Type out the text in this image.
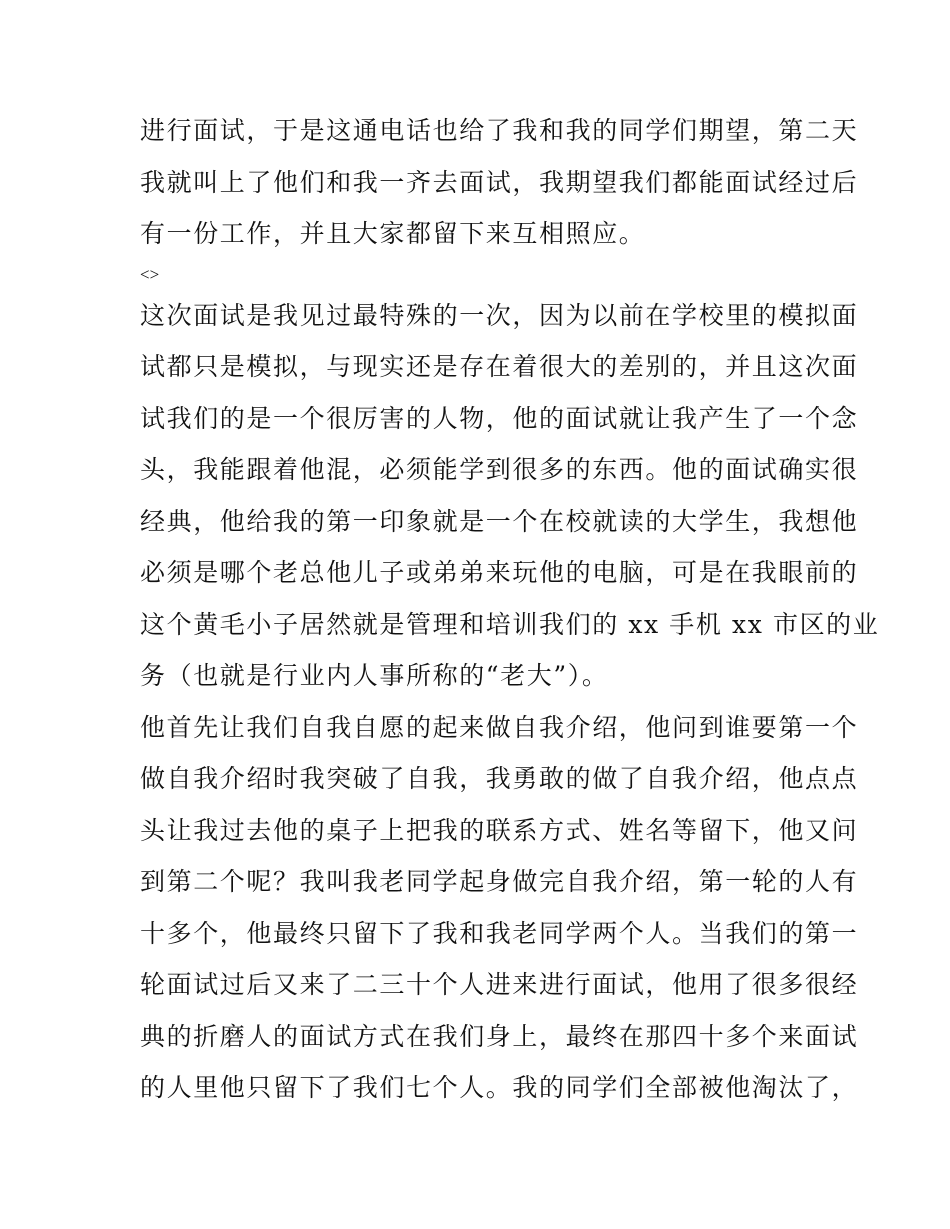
进行面试，于是这通电话也给了我和我的同学们期望，第二天
我就叫上了他们和我一齐去面试，我期望我们都能面试经过后
有一份工作，并且大家都留下来互相照应。
<>
这次面试是我见过最特殊的一次，因为以前在学校里的模拟面
试都只是模拟，与现实还是存在着很大的差别的，并且这次面
试我们的是一个很厉害的人物，他的面试就让我产生了一个念
头，我能跟着他混，必须能学到很多的东西。他的面试确实很
经典，他给我的第一印象就是一个在校就读的大学生，我想他
必须是哪个老总他儿子或弟弟来玩他的电脑，可是在我眼前的
这个黄毛小子居然就是管理和培训我们的 xx 手机 xx 市区的业
务（也就是行业内人事所称的“老大”）。
他首先让我们自我自愿的起来做自我介绍，他问到谁要第一个
做自我介绍时我突破了自我，我勇敢的做了自我介绍，他点点
头让我过去他的桌子上把我的联系方式、姓名等留下，他又问
到第二个呢？我叫我老同学起身做完自我介绍，第一轮的人有
十多个，他最终只留下了我和我老同学两个人。当我们的第一
轮面试过后又来了二三十个人进来进行面试，他用了很多很经
典的折磨人的面试方式在我们身上，最终在那四十多个来面试
的人里他只留下了我们七个人。我的同学们全部被他淘汰了，
